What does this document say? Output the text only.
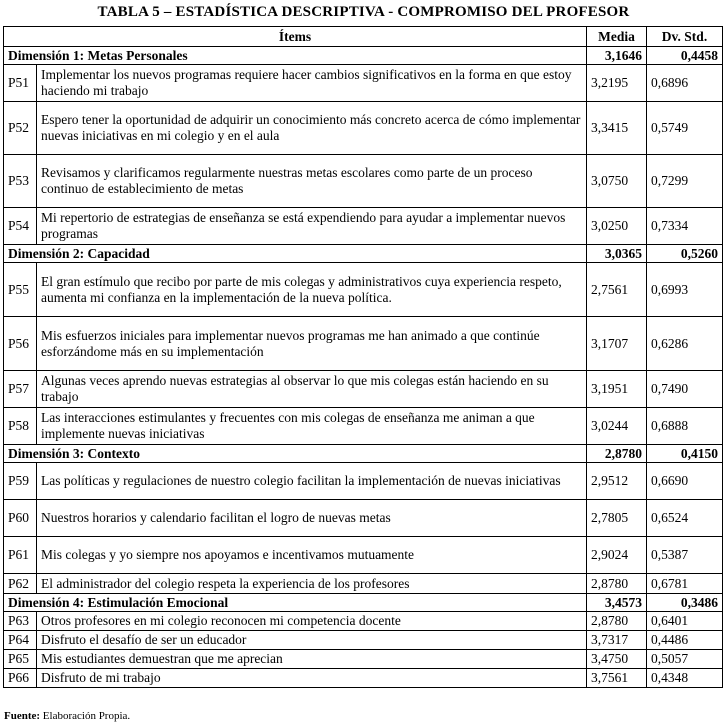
TABLA 5 – ESTADÍSTICA DESCRIPTIVA - COMPROMISO DEL PROFESOR
Ítems		Media	Dv. Std.
Dimensión 1: Metas Personales		3,1646	0,4458
P51	Implementar los nuevos programas requiere hacer cambios significativos en la forma en que estoy haciendo mi trabajo	3,2195	0,6896
P52	Espero tener la oportunidad de adquirir un conocimiento más concreto acerca de cómo implementar nuevas iniciativas en mi colegio y en el aula	3,3415	0,5749
P53	Revisamos y clarificamos regularmente nuestras metas escolares como parte de un proceso continuo de establecimiento de metas	3,0750	0,7299
P54	Mi repertorio de estrategias de enseñanza se está expendiendo para ayudar a implementar nuevos programas	3,0250	0,7334
Dimensión 2: Capacidad		3,0365	0,5260
P55	El gran estímulo que recibo por parte de mis colegas y administrativos cuya experiencia respeto, aumenta mi confianza en la implementación de la nueva política.	2,7561	0,6993
P56	Mis esfuerzos iniciales para implementar nuevos programas me han animado a que continúe esforzándome más en su implementación	3,1707	0,6286
P57	Algunas veces aprendo nuevas estrategias al observar lo que mis colegas están haciendo en su trabajo	3,1951	0,7490
P58	Las interacciones estimulantes y frecuentes con mis colegas de enseñanza me animan a que implemente nuevas iniciativas	3,0244	0,6888
Dimensión 3: Contexto		2,8780	0,4150
P59	Las políticas y regulaciones de nuestro colegio facilitan la implementación de nuevas iniciativas	2,9512	0,6690
P60	Nuestros horarios y calendario facilitan el logro de nuevas metas	2,7805	0,6524
P61	Mis colegas y yo siempre nos apoyamos e incentivamos mutuamente	2,9024	0,5387
P62	El administrador del colegio respeta la experiencia de los profesores	2,8780	0,6781
Dimensión 4: Estimulación Emocional		3,4573	0,3486
P63	Otros profesores en mi colegio reconocen mi competencia docente	2,8780	0,6401
P64	Disfruto el desafío de ser un educador	3,7317	0,4486
P65	Mis estudiantes demuestran que me aprecian	3,4750	0,5057
P66	Disfruto de mi trabajo	3,7561	0,4348
Fuente: Elaboración Propia.
